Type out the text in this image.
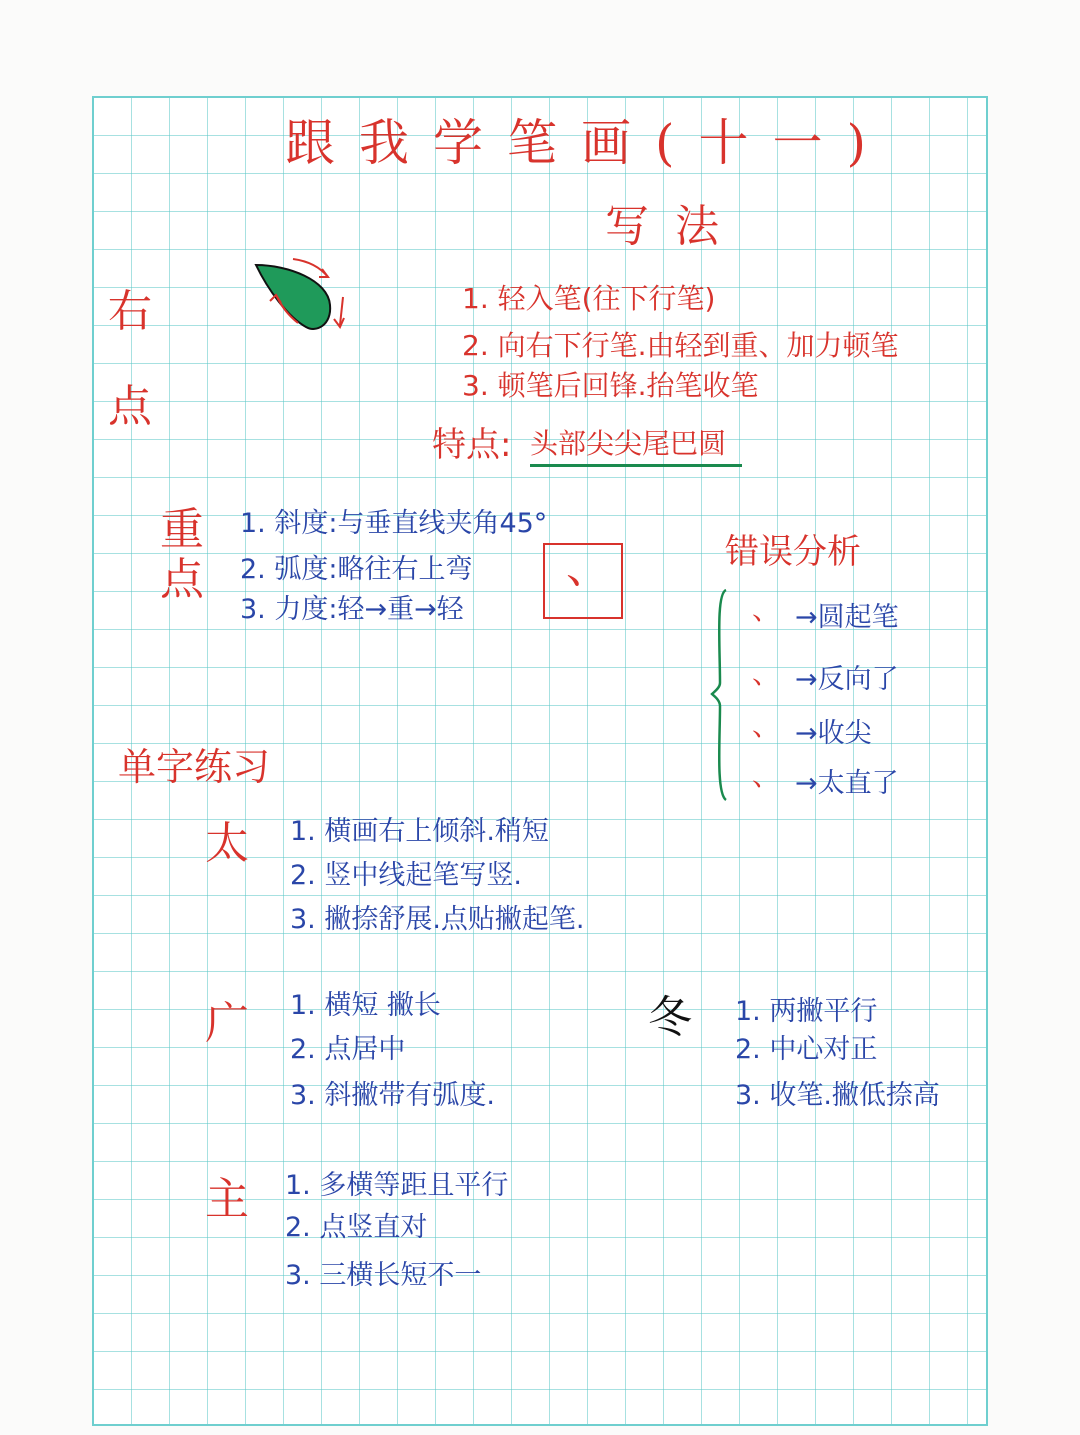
跟我学笔画(十一)
写法
右
点
1. 轻入笔(往下行笔)
2. 向右下行笔.由轻到重、加力顿笔
3. 顿笔后回锋.抬笔收笔
特点: 头部尖尖尾巴圆
重
点
1. 斜度:与垂直线夹角45°
2. 弧度:略往右上弯
3. 力度:轻→重→轻
、	错误分析
、 →圆起笔
、 →反向了
、 →收尖
、 →太直了
单字练习
太 1. 横画右上倾斜.稍短
2. 竖中线起笔写竖.
3. 撇捺舒展.点贴撇起笔.
广 1. 横短 撇长
2. 点居中
3. 斜撇带有弧度.
冬 1. 两撇平行
2. 中心对正
3. 收笔.撇低捺高
主 1. 多横等距且平行
2. 点竖直对
3. 三横长短不一
